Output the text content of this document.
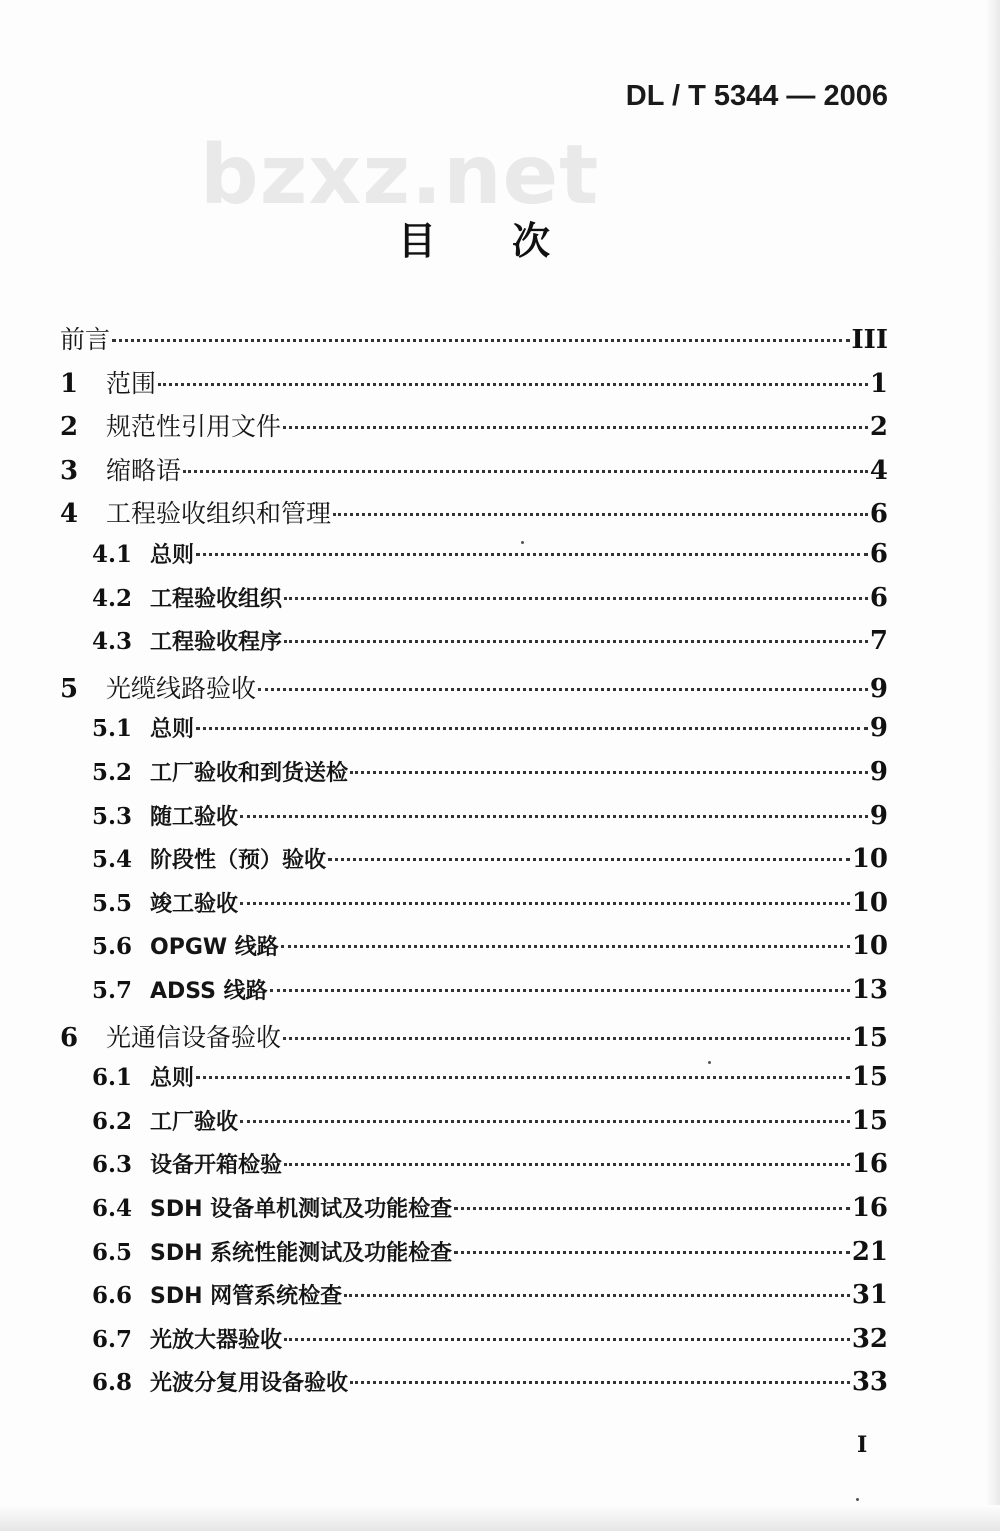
bzxz.net
DL / T 5344 — 2006
目 次
前言	III
1	范围	1
2	规范性引用文件	2
3	缩略语	4
4	工程验收组织和管理	6
4.1 总则	6
4.2 工程验收组织	6
4.3 工程验收程序	7
5	光缆线路验收	9
5.1 总则	9
5.2 工厂验收和到货送检	9
5.3 随工验收	9
5.4 阶段性（预）验收	10
5.5 竣工验收	10
5.6 OPGW 线路	10
5.7 ADSS 线路	13
6	光通信设备验收	15
6.1 总则	15
6.2 工厂验收	15
6.3 设备开箱检验	16
6.4 SDH 设备单机测试及功能检查	16
6.5 SDH 系统性能测试及功能检查	21
6.6 SDH 网管系统检查	31
6.7 光放大器验收	32
6.8 光波分复用设备验收	33
I
